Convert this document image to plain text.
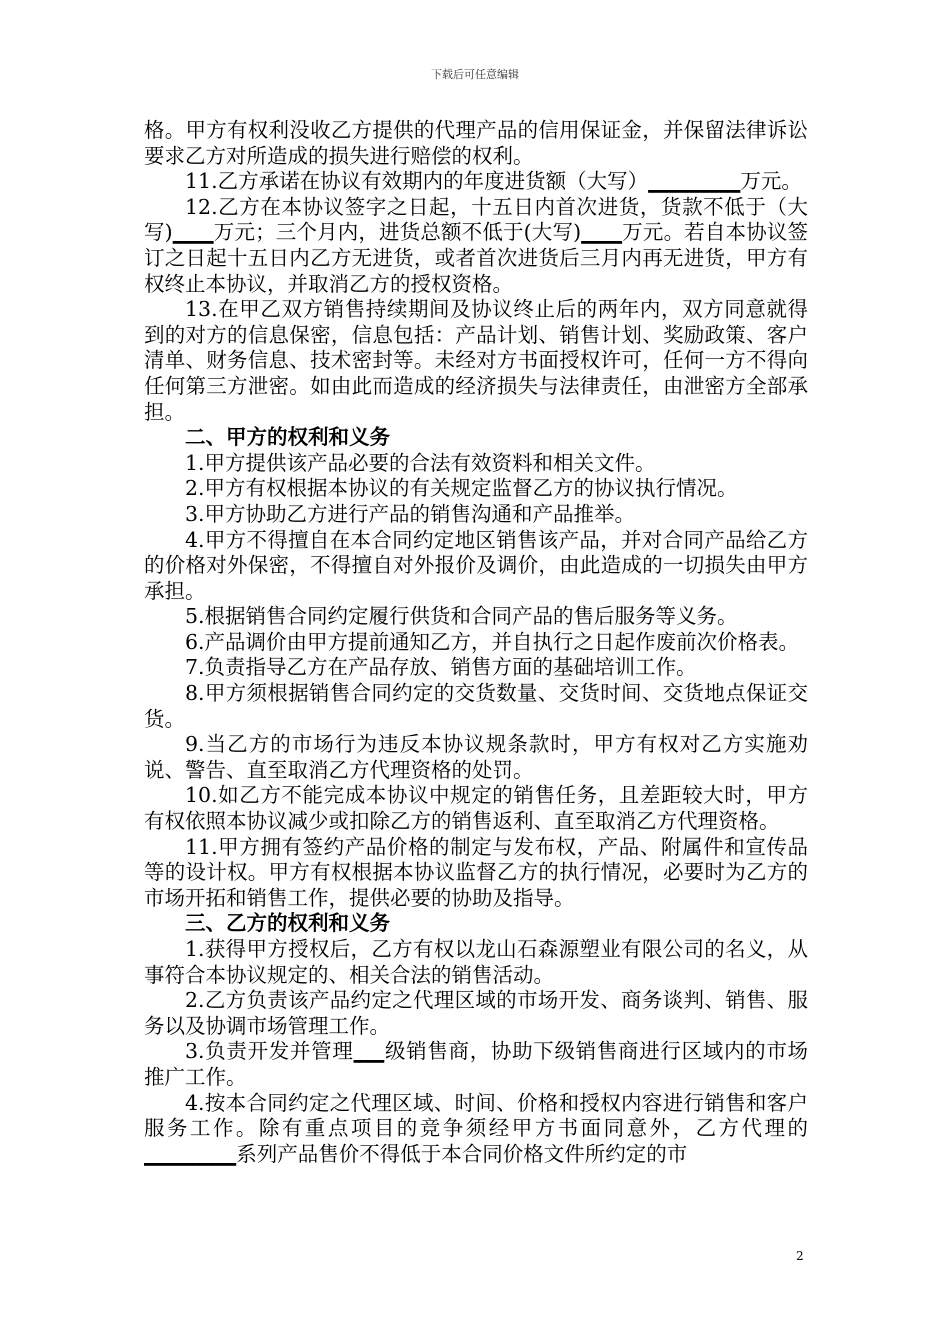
下载后可任意编辑

格。甲方有权利没收乙方提供的代理产品的信用保证金，并保留法律诉讼要求乙方对所造成的损失进行赔偿的权利。

11.乙方承诺在协议有效期内的年度进货额（大写）_________万元。

12.乙方在本协议签字之日起，十五日内首次进货，货款不低于（大写)____万元；三个月内，进货总额不低于(大写)____万元。若自本协议签订之日起十五日内乙方无进货，或者首次进货后三月内再无进货，甲方有权终止本协议，并取消乙方的授权资格。

13.在甲乙双方销售持续期间及协议终止后的两年内，双方同意就得到的对方的信息保密，信息包括：产品计划、销售计划、奖励政策、客户清单、财务信息、技术密封等。未经对方书面授权许可，任何一方不得向任何第三方泄密。如由此而造成的经济损失与法律责任，由泄密方全部承担。

二、甲方的权利和义务

1.甲方提供该产品必要的合法有效资料和相关文件。

2.甲方有权根据本协议的有关规定监督乙方的协议执行情况。

3.甲方协助乙方进行产品的销售沟通和产品推举。

4.甲方不得擅自在本合同约定地区销售该产品，并对合同产品给乙方的价格对外保密，不得擅自对外报价及调价，由此造成的一切损失由甲方承担。

5.根据销售合同约定履行供货和合同产品的售后服务等义务。

6.产品调价由甲方提前通知乙方，并自执行之日起作废前次价格表。

7.负责指导乙方在产品存放、销售方面的基础培训工作。

8.甲方须根据销售合同约定的交货数量、交货时间、交货地点保证交货。

9.当乙方的市场行为违反本协议规条款时，甲方有权对乙方实施劝说、警告、直至取消乙方代理资格的处罚。

10.如乙方不能完成本协议中规定的销售任务，且差距较大时，甲方有权依照本协议减少或扣除乙方的销售返利、直至取消乙方代理资格。

11.甲方拥有签约产品价格的制定与发布权，产品、附属件和宣传品等的设计权。甲方有权根据本协议监督乙方的执行情况，必要时为乙方的市场开拓和销售工作，提供必要的协助及指导。

三、乙方的权利和义务

1.获得甲方授权后，乙方有权以龙山石森源塑业有限公司的名义，从事符合本协议规定的、相关合法的销售活动。

2.乙方负责该产品约定之代理区域的市场开发、商务谈判、销售、服务以及协调市场管理工作。

3.负责开发并管理___级销售商，协助下级销售商进行区域内的市场推广工作。

4.按本合同约定之代理区域、时间、价格和授权内容进行销售和客户服务工作。除有重点项目的竞争须经甲方书面同意外，乙方代理的_________系列产品售价不得低于本合同价格文件所约定的市

2
